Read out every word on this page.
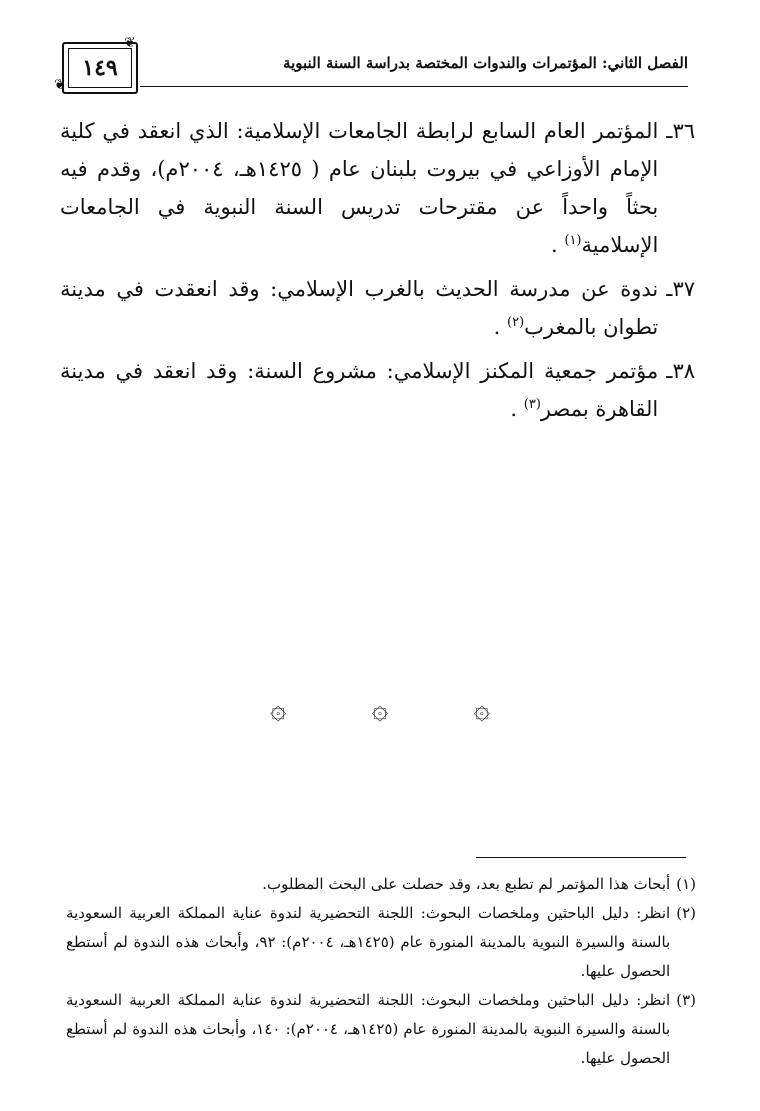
الفصل الثاني: المؤتمرات والندوات المختصة بدراسة السنة النبوية
١٤٩
❦
❦
٣٦ـ
المؤتمر العام السابع لرابطة الجامعات الإسلامية: الذي انعقد في كلية الإمام الأوزاعي في بيروت بلبنان عام ( ١٤٢٥هـ، ٢٠٠٤م)، وقدم فيه بحثاً واحداً عن مقترحات تدريس السنة النبوية في الجامعات الإسلامية$^{(١)}$ .
٣٧ـ
ندوة عن مدرسة الحديث بالغرب الإسلامي: وقد انعقدت في مدينة تطوان بالمغرب$^{(٢)}$ .
٣٨ـ
مؤتمر جمعية المكنز الإسلامي: مشروع السنة: وقد انعقد في مدينة القاهرة بمصر$^{(٣)}$ .
۞	۞	۞
(١)
أبحاث هذا المؤتمر لم تطبع بعد، وقد حصلت على البحث المطلوب.
(٢)
انظر: دليل الباحثين وملخصات البحوث: اللجنة التحضيرية لندوة عناية المملكة العربية السعودية بالسنة والسيرة النبوية بالمدينة المنورة عام (١٤٢٥هـ، ٢٠٠٤م): ٩٢، وأبحاث هذه الندوة لم أستطع الحصول عليها.
(٣)
انظر: دليل الباحثين وملخصات البحوث: اللجنة التحضيرية لندوة عناية المملكة العربية السعودية بالسنة والسيرة النبوية بالمدينة المنورة عام (١٤٢٥هـ، ٢٠٠٤م): ١٤٠، وأبحاث هذه الندوة لم أستطع الحصول عليها.
